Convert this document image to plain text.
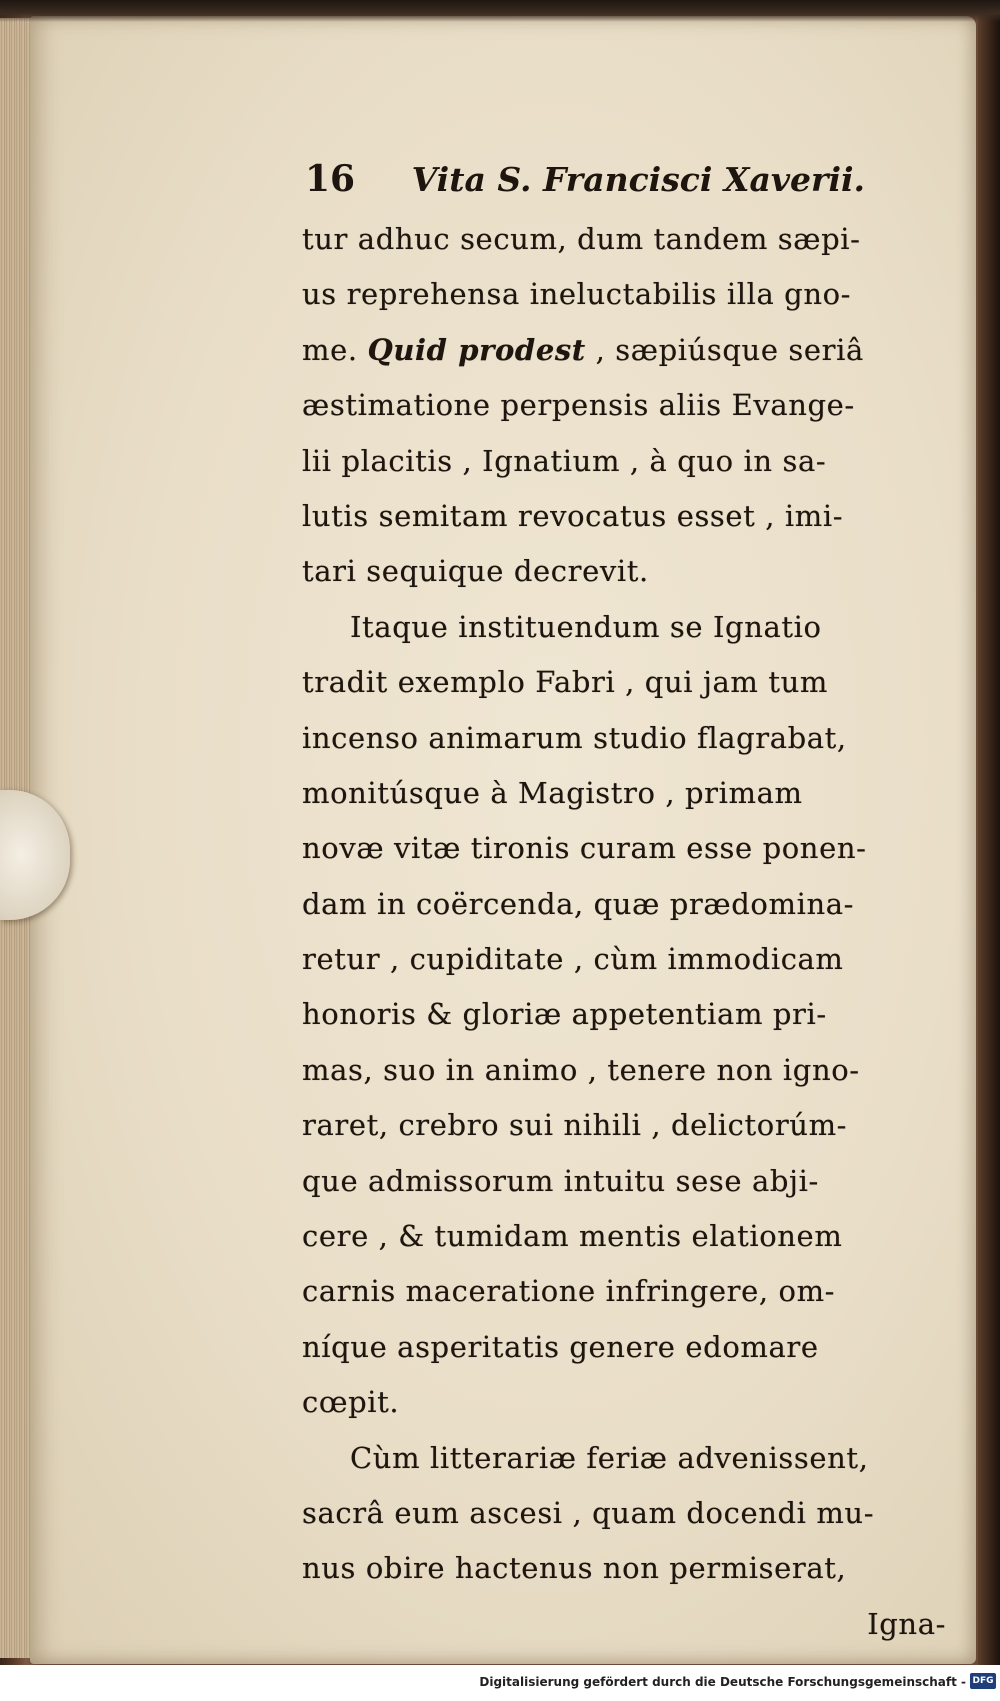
16 Vita S. Francisci Xaverii.
tur adhuc secum, dum tandem sæpi-
us reprehensa ineluctabilis illa gno-
me. Quid prodest , sæpiúsque seriâ
æstimatione perpensis aliis Evange-
lii placitis , Ignatium , à quo in sa-
lutis semitam revocatus esset , imi-
tari sequique decrevit.
Itaque instituendum se Ignatio
tradit exemplo Fabri , qui jam tum
incenso animarum studio flagrabat,
monitúsque à Magistro , primam
novæ vitæ tironis curam esse ponen-
dam in coërcenda, quæ prædomina-
retur , cupiditate , cùm immodicam
honoris & gloriæ appetentiam pri-
mas, suo in animo , tenere non igno-
raret, crebro sui nihili , delictorúm-
que admissorum intuitu sese abji-
cere , & tumidam mentis elationem
carnis maceratione infringere, om-
níque asperitatis genere edomare
cœpit.
Cùm litterariæ feriæ advenissent,
sacrâ eum ascesi , quam docendi mu-
nus obire hactenus non permiserat,
Igna-
Digitalisierung gefördert durch die Deutsche Forschungsgemeinschaft - DFG
